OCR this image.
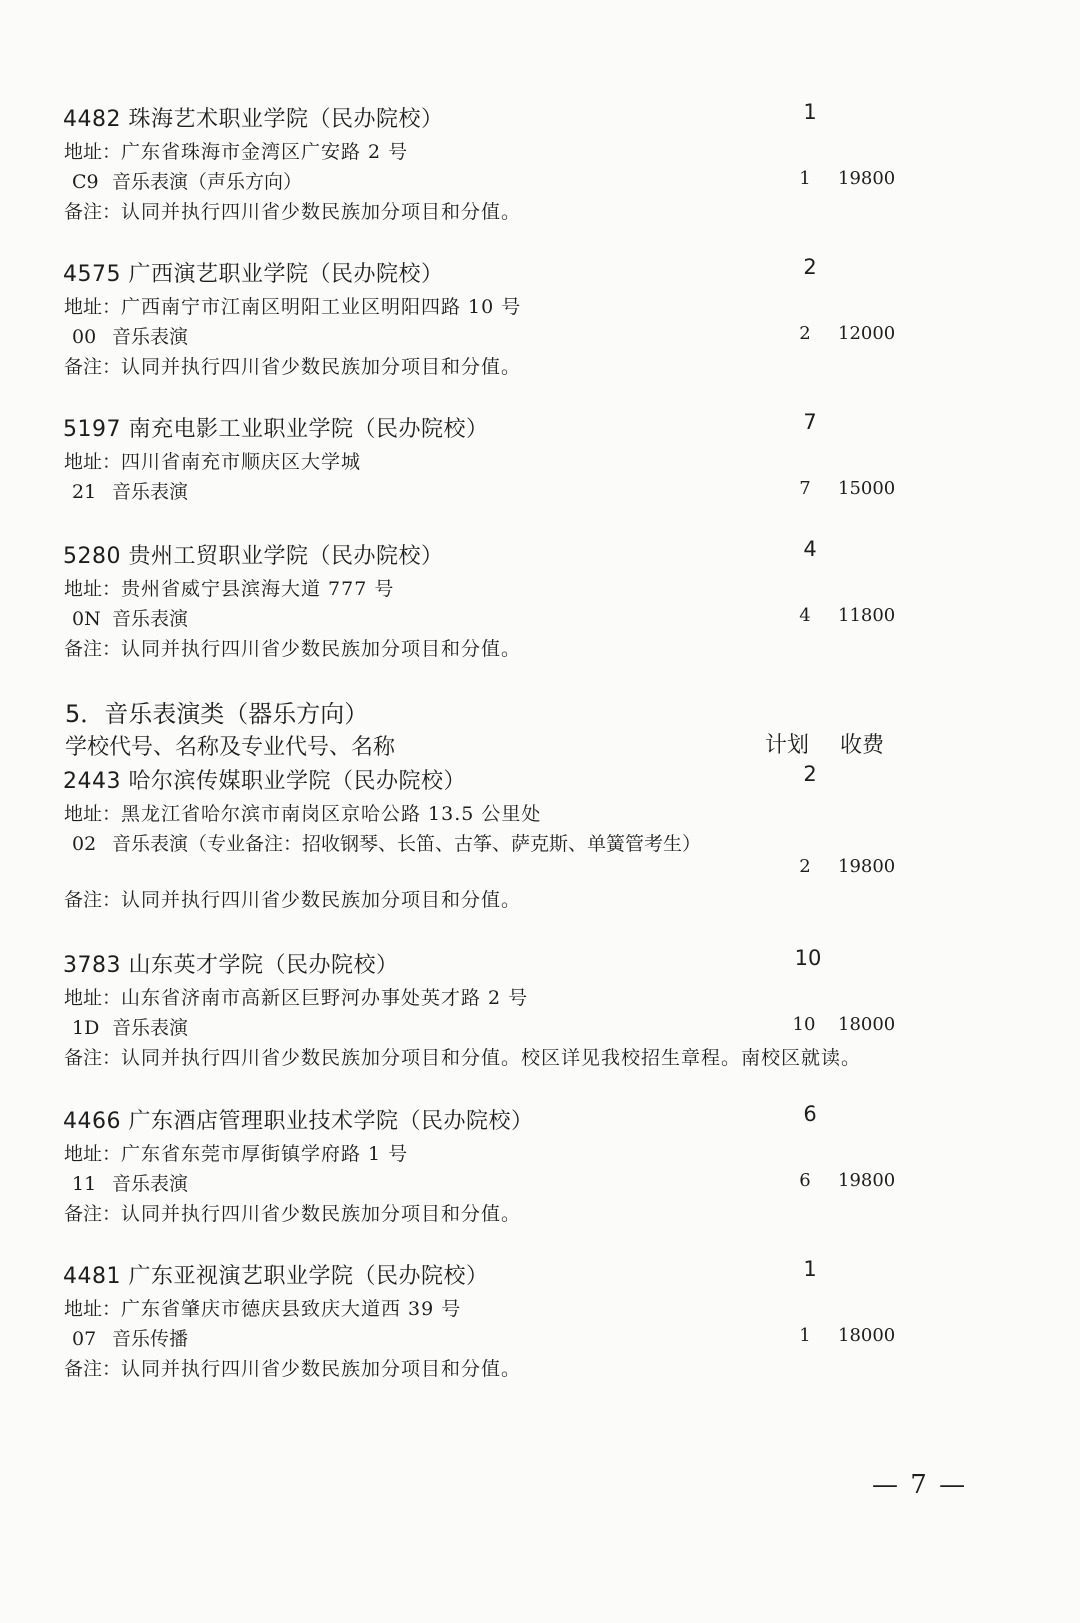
4482 珠海艺术职业学院（民办院校）	1
地址：广东省珠海市金湾区广安路 2 号
C9 音乐表演（声乐方向）	1	19800
备注：认同并执行四川省少数民族加分项目和分值。
4575 广西演艺职业学院（民办院校）	2
地址：广西南宁市江南区明阳工业区明阳四路 10 号
00 音乐表演	2	12000
备注：认同并执行四川省少数民族加分项目和分值。
5197 南充电影工业职业学院（民办院校）	7
地址：四川省南充市顺庆区大学城
21 音乐表演	7	15000
5280 贵州工贸职业学院（民办院校）	4
地址：贵州省威宁县滨海大道 777 号
0N 音乐表演	4	11800
备注：认同并执行四川省少数民族加分项目和分值。
5．音乐表演类（器乐方向）
学校代号、名称及专业代号、名称	计划 收费
2443 哈尔滨传媒职业学院（民办院校）	2
地址：黑龙江省哈尔滨市南岗区京哈公路 13.5 公里处
02 音乐表演（专业备注：招收钢琴、长笛、古筝、萨克斯、单簧管考生）
2	19800
备注：认同并执行四川省少数民族加分项目和分值。
3783 山东英才学院（民办院校）	10
地址：山东省济南市高新区巨野河办事处英才路 2 号
1D 音乐表演	10	18000
备注：认同并执行四川省少数民族加分项目和分值。校区详见我校招生章程。南校区就读。
4466 广东酒店管理职业技术学院（民办院校）	6
地址：广东省东莞市厚街镇学府路 1 号
11 音乐表演	6	19800
备注：认同并执行四川省少数民族加分项目和分值。
4481 广东亚视演艺职业学院（民办院校）	1
地址：广东省肇庆市德庆县致庆大道西 39 号
07 音乐传播	1	18000
备注：认同并执行四川省少数民族加分项目和分值。
— 7 —
